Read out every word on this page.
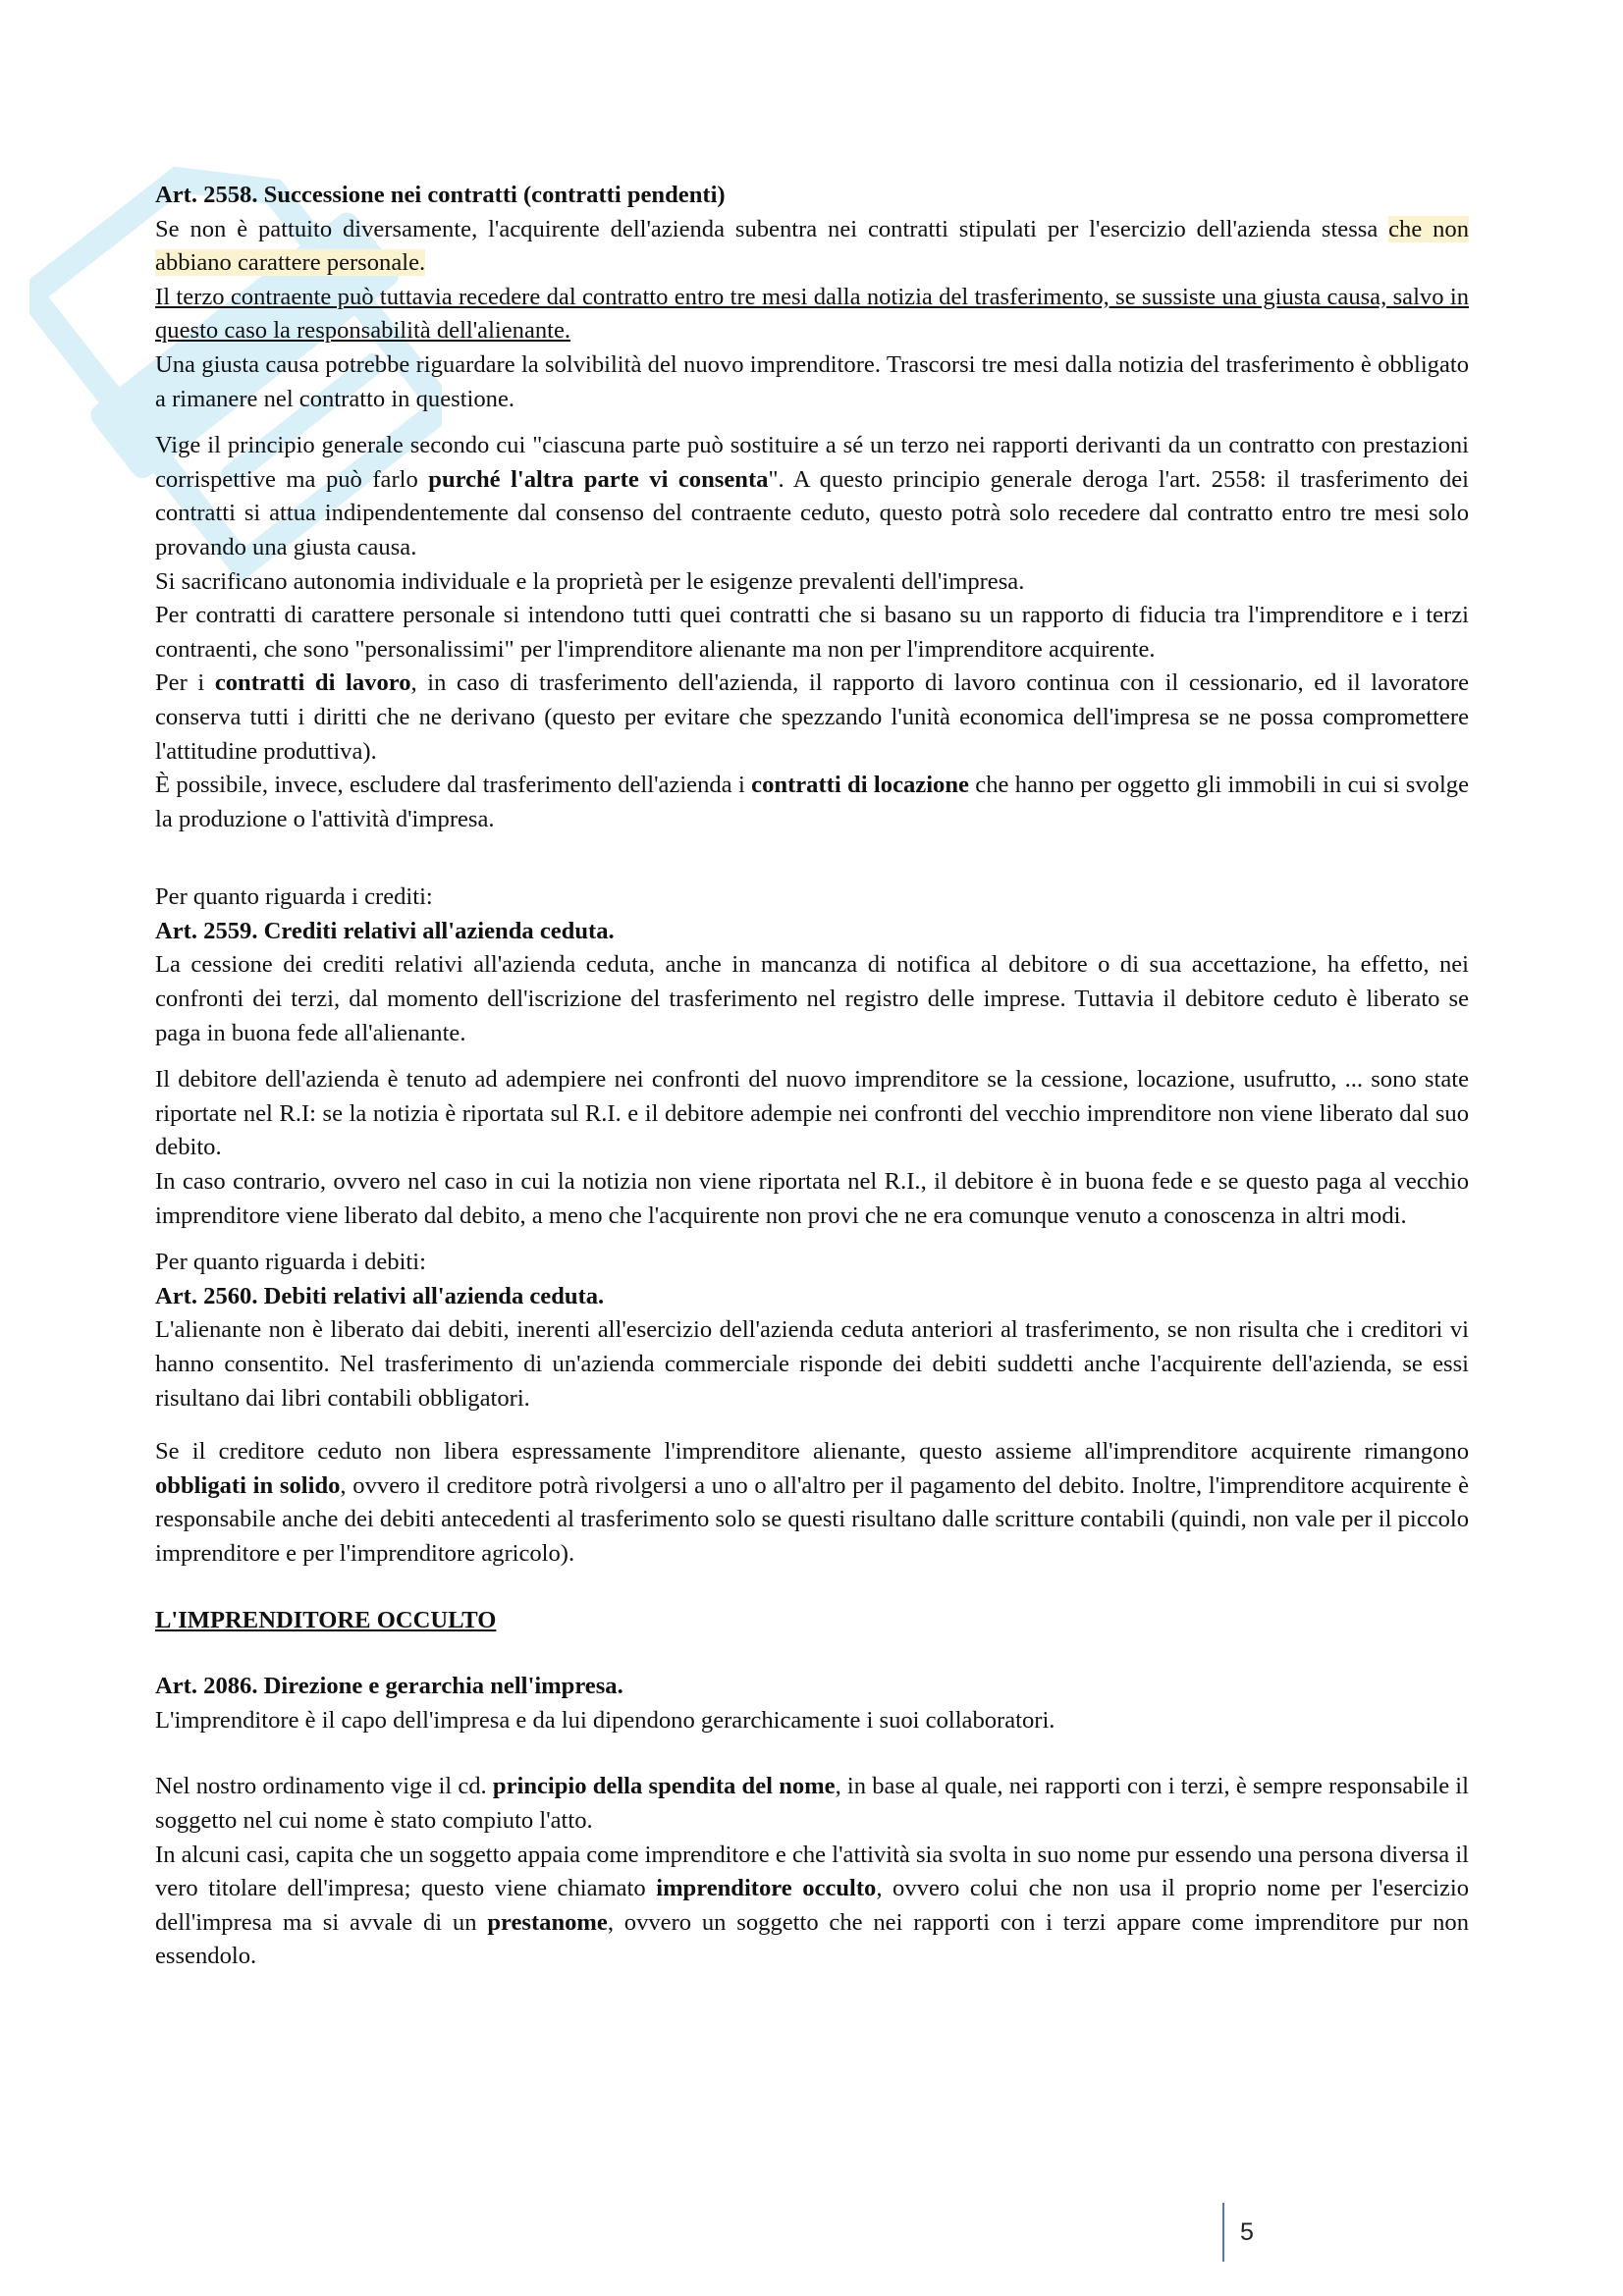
Art. 2558. Successione nei contratti (contratti pendenti)

Se non è pattuito diversamente, l'acquirente dell'azienda subentra nei contratti stipulati per l'esercizio dell'azienda stessa che non abbiano carattere personale.

Il terzo contraente può tuttavia recedere dal contratto entro tre mesi dalla notizia del trasferimento, se sussiste una giusta causa, salvo in questo caso la responsabilità dell'alienante.

Una giusta causa potrebbe riguardare la solvibilità del nuovo imprenditore. Trascorsi tre mesi dalla notizia del trasferimento è obbligato a rimanere nel contratto in questione.

Vige il principio generale secondo cui "ciascuna parte può sostituire a sé un terzo nei rapporti derivanti da un contratto con prestazioni corrispettive ma può farlo purché l'altra parte vi consenta". A questo principio generale deroga l'art. 2558: il trasferimento dei contratti si attua indipendentemente dal consenso del contraente ceduto, questo potrà solo recedere dal contratto entro tre mesi solo provando una giusta causa.

Si sacrificano autonomia individuale e la proprietà per le esigenze prevalenti dell'impresa.

Per contratti di carattere personale si intendono tutti quei contratti che si basano su un rapporto di fiducia tra l'imprenditore e i terzi contraenti, che sono "personalissimi" per l'imprenditore alienante ma non per l'imprenditore acquirente.

Per i contratti di lavoro, in caso di trasferimento dell'azienda, il rapporto di lavoro continua con il cessionario, ed il lavoratore conserva tutti i diritti che ne derivano (questo per evitare che spezzando l'unità economica dell'impresa se ne possa compromettere l'attitudine produttiva).

È possibile, invece, escludere dal trasferimento dell'azienda i contratti di locazione che hanno per oggetto gli immobili in cui si svolge la produzione o l'attività d'impresa.

Per quanto riguarda i crediti:

Art. 2559. Crediti relativi all'azienda ceduta.

La cessione dei crediti relativi all'azienda ceduta, anche in mancanza di notifica al debitore o di sua accettazione, ha effetto, nei confronti dei terzi, dal momento dell'iscrizione del trasferimento nel registro delle imprese. Tuttavia il debitore ceduto è liberato se paga in buona fede all'alienante.

Il debitore dell'azienda è tenuto ad adempiere nei confronti del nuovo imprenditore se la cessione, locazione, usufrutto, ... sono state riportate nel R.I: se la notizia è riportata sul R.I. e il debitore adempie nei confronti del vecchio imprenditore non viene liberato dal suo debito.

In caso contrario, ovvero nel caso in cui la notizia non viene riportata nel R.I., il debitore è in buona fede e se questo paga al vecchio imprenditore viene liberato dal debito, a meno che l'acquirente non provi che ne era comunque venuto a conoscenza in altri modi.

Per quanto riguarda i debiti:

Art. 2560. Debiti relativi all'azienda ceduta.

L'alienante non è liberato dai debiti, inerenti all'esercizio dell'azienda ceduta anteriori al trasferimento, se non risulta che i creditori vi hanno consentito. Nel trasferimento di un'azienda commerciale risponde dei debiti suddetti anche l'acquirente dell'azienda, se essi risultano dai libri contabili obbligatori.

Se il creditore ceduto non libera espressamente l'imprenditore alienante, questo assieme all'imprenditore acquirente rimangono obbligati in solido, ovvero il creditore potrà rivolgersi a uno o all'altro per il pagamento del debito. Inoltre, l'imprenditore acquirente è responsabile anche dei debiti antecedenti al trasferimento solo se questi risultano dalle scritture contabili (quindi, non vale per il piccolo imprenditore e per l'imprenditore agricolo).

L'IMPRENDITORE OCCULTO

Art. 2086. Direzione e gerarchia nell'impresa.

L'imprenditore è il capo dell'impresa e da lui dipendono gerarchicamente i suoi collaboratori.

Nel nostro ordinamento vige il cd. principio della spendita del nome, in base al quale, nei rapporti con i terzi, è sempre responsabile il soggetto nel cui nome è stato compiuto l'atto.

In alcuni casi, capita che un soggetto appaia come imprenditore e che l'attività sia svolta in suo nome pur essendo una persona diversa il vero titolare dell'impresa; questo viene chiamato imprenditore occulto, ovvero colui che non usa il proprio nome per l'esercizio dell'impresa ma si avvale di un prestanome, ovvero un soggetto che nei rapporti con i terzi appare come imprenditore pur non essendolo.

5
